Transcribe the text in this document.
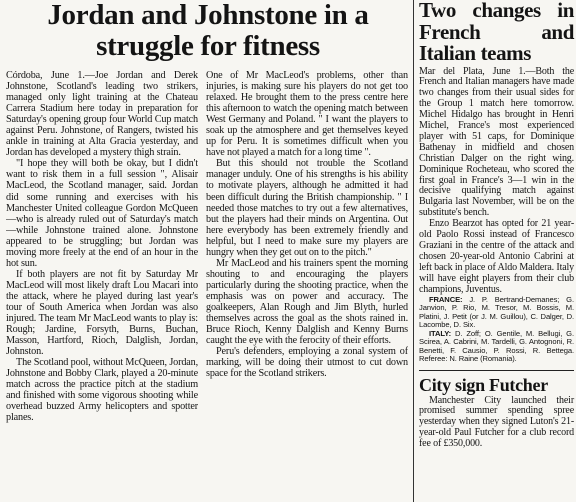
Jordan and Johnstone in a struggle for fitness

Córdoba, June 1.—Joe Jordan and Derek Johnstone, Scotland's leading two strikers, managed only light training at the Chateau Carrera Stadium here today in preparation for Saturday's opening group four World Cup match against Peru. Johnstone, of Rangers, twisted his ankle in training at Alta Gracia yesterday, and Jordan has developed a mystery thigh strain.

"I hope they will both be okay, but I didn't want to risk them in a full session ", Alisair MacLeod, the Scotland manager, said. Jordan did some running and exercises with his Manchester United colleague Gordon McQueen—who is already ruled out of Saturday's match—while Johnstone trained alone. Johnstone appeared to be struggling; but Jordan was moving more freely at the end of an hour in the hot sun.

If both players are not fit by Saturday Mr MacLeod will most likely draft Lou Macari into the attack, where he played during last year's tour of South America when Jordan was also injured. The team Mr MacLeod wants to play is: Rough; Jardine, Forsyth, Burns, Buchan, Masson, Hartford, Rioch, Dalglish, Jordan, Johnston.

The Scotland pool, without McQueen, Jordan, Johnstone and Bobby Clark, played a 20-minute match across the practice pitch at the stadium and finished with some vigorous shooting while overhead buzzed Army helicopters and spotter planes.

One of Mr MacLeod's problems, other than injuries, is making sure his players do not get too relaxed. He brought them to the press centre here this afternoon to watch the opening match between West Germany and Poland. " I want the players to soak up the atmosphere and get themselves keyed up for Peru. It is sometimes difficult when you have not played a match for a long time ".

But this should not trouble the Scotland manager unduly. One of his strengths is his ability to motivate players, although he admitted it had been difficult during the British championship. " I needed those matches to try out a few alternatives, but the players had their minds on Argentina. Out here everybody has been extremely friendly and helpful, but I need to make sure my players are hungry when they get out on to the pitch."

Mr MacLeod and his trainers spent the morning shouting to and encouraging the players particularly during the shooting practice, when the emphasis was on power and accuracy. The goalkeepers, Alan Rough and Jim Blyth, hurled themselves across the goal as the shots rained in. Bruce Rioch, Kenny Dalglish and Kenny Burns caught the eye with the ferocity of their efforts.

Peru's defenders, employing a zonal system of marking, will be doing their utmost to cut down space for the Scotland strikers.

Two changes in French and Italian teams

Mar del Plata, June 1.—Both the French and Italian managers have made two changes from their usual sides for the Group 1 match here tomorrow. Michel Hidalgo has brought in Henri Michel, France's most experienced player with 51 caps, for Dominique Bathenay in midfield and chosen Christian Dalger on the right wing. Dominique Rocheteau, who scored the first goal in France's 3—1 win in the decisive qualifying match against Bulgaria last November, will be on the substitute's bench.

Enzo Bearzot has opted for 21 year-old Paolo Rossi instead of Francesco Graziani in the centre of the attack and chosen 20-year-old Antonio Cabrini at left back in place of Aldo Maldera. Italy will have eight players from their club champions, Juventus.

FRANCE: J. P. Bertrand-Demanes; G. Janvion, P. Rio, M. Tresor, M. Bossis, M. Platini, J. Petit (or J. M. Guillou), C. Dalger, D. Lacombe, D. Six.

ITALY: D. Zoff; O. Gentile, M. Bellugi, G. Scirea, A. Cabrini, M. Tardelli, G. Antognoni, R. Benetti, F. Causio, P. Rossi, R. Bettega. Referee: N. Raine (Romania).

City sign Futcher

Manchester City launched their promised summer spending spree yesterday when they signed Luton's 21-year-old Paul Futcher for a club record fee of £350,000.
